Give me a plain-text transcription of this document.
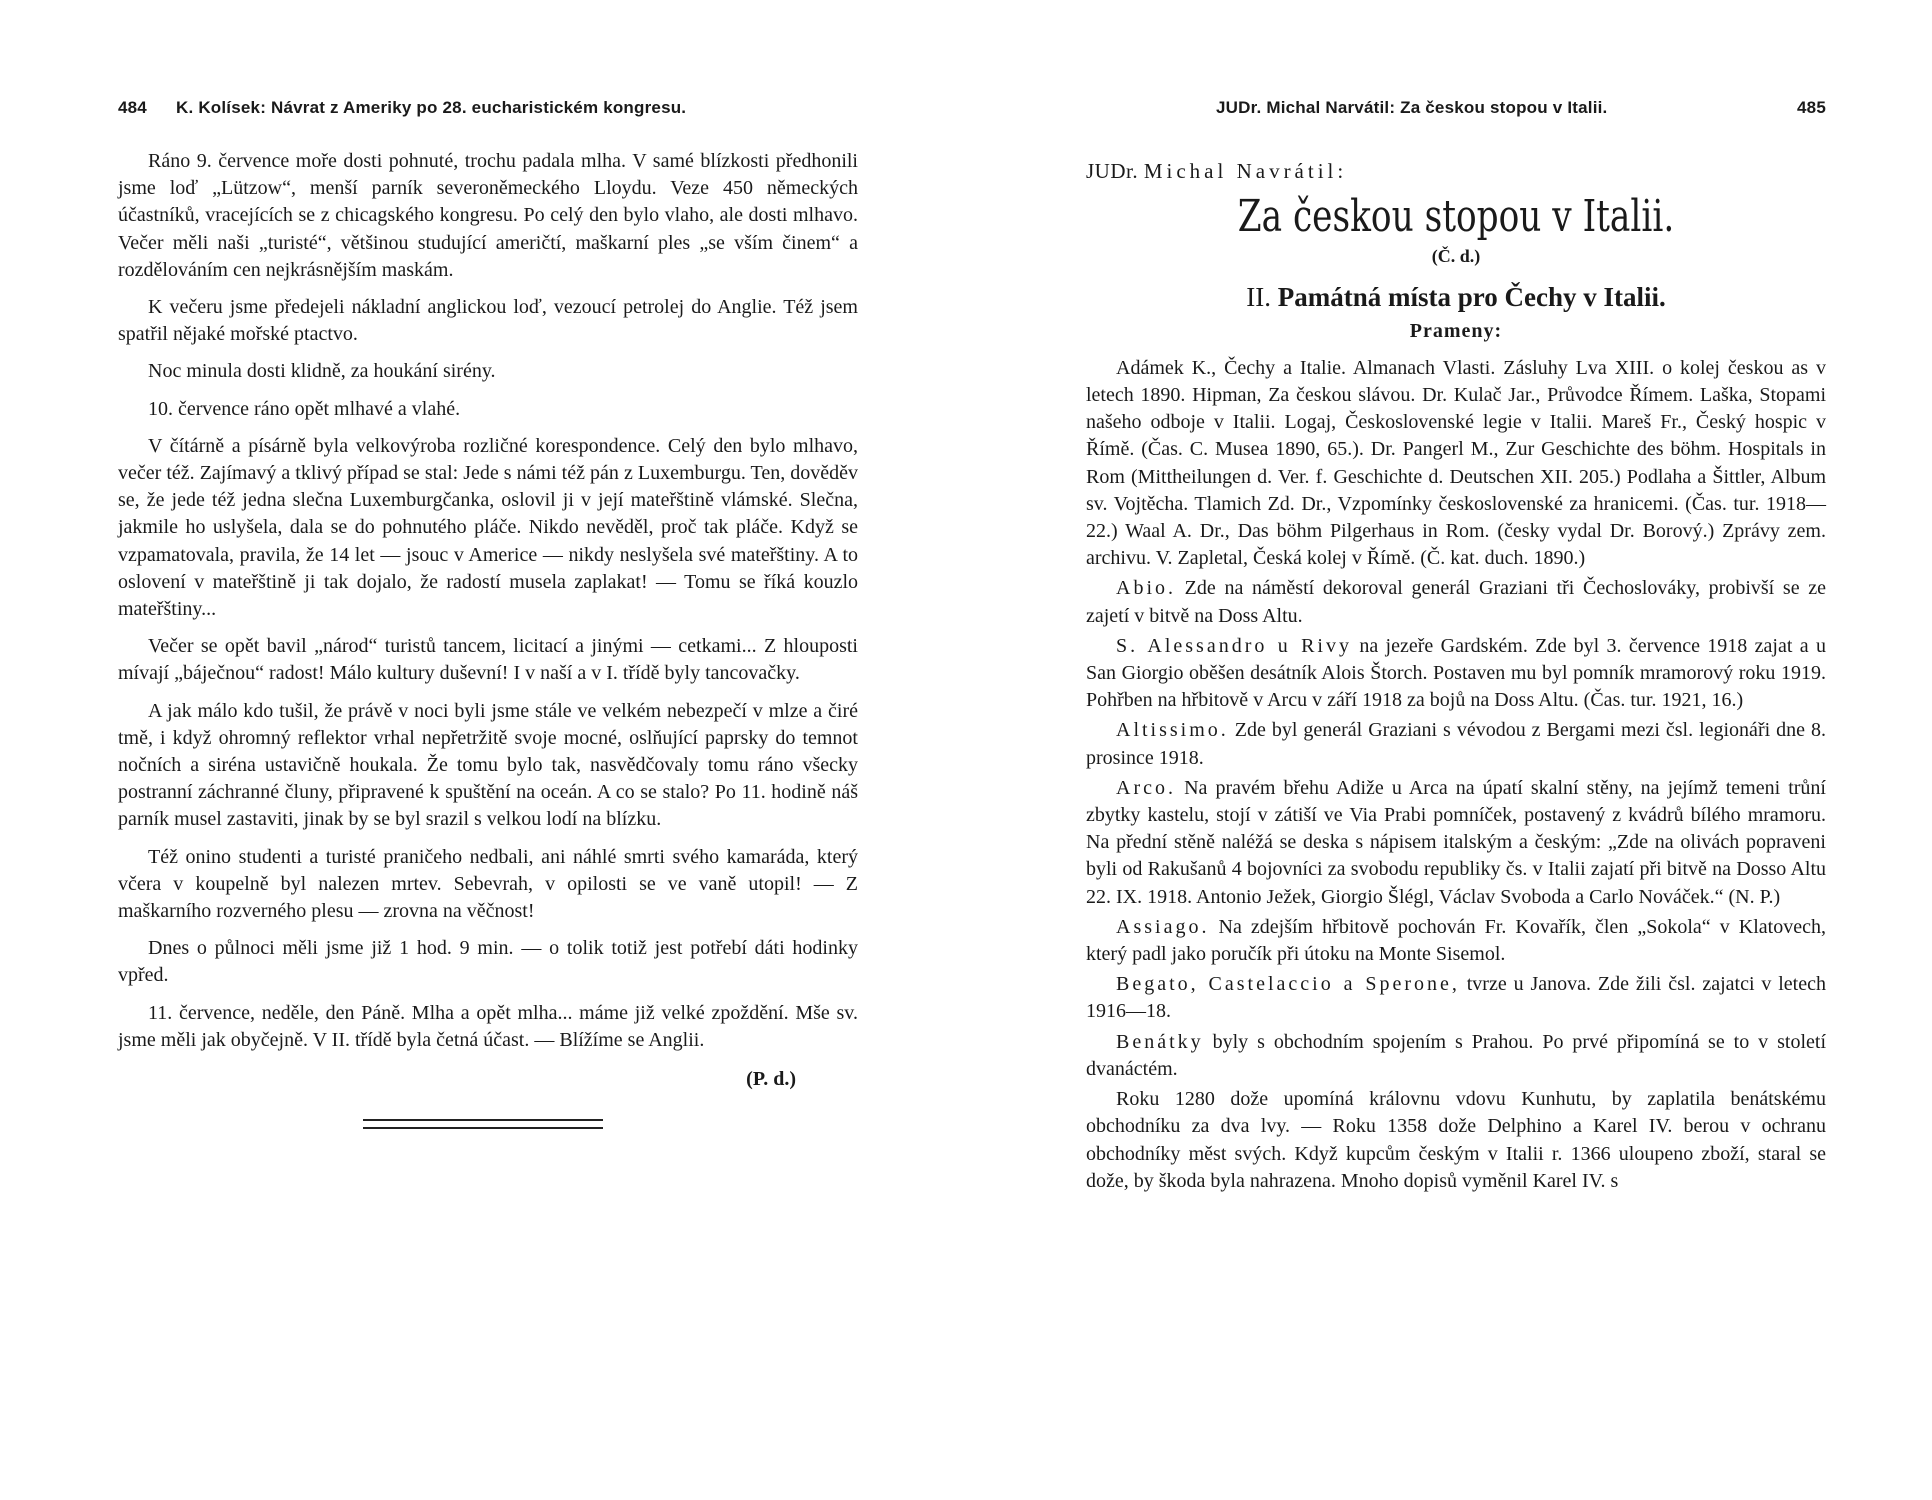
484 K. Kolísek: Návrat z Ameriky po 28. eucharistickém kongresu.

Ráno 9. července moře dosti pohnuté, trochu padala mlha. V samé blízkosti předhonili jsme loď „Lützow“, menší parník severoněmeckého Lloydu. Veze 450 německých účastníků, vracejících se z chicagského kongresu. Po celý den bylo vlaho, ale dosti mlhavo. Večer měli naši „turisté“, většinou studující američtí, maškarní ples „se vším činem“ a rozdělováním cen nejkrásnějším maskám.

K večeru jsme předejeli nákladní anglickou loď, vezoucí petrolej do Anglie. Též jsem spatřil nějaké mořské ptactvo.

Noc minula dosti klidně, za houkání sirény.

10. července ráno opět mlhavé a vlahé.

V čítárně a písárně byla velkovýroba rozličné korespondence. Celý den bylo mlhavo, večer též. Zajímavý a tklivý případ se stal: Jede s námi též pán z Luxemburgu. Ten, dověděv se, že jede též jedna slečna Luxemburgčanka, oslovil ji v její mateřštině vlámské. Slečna, jakmile ho uslyšela, dala se do pohnutého pláče. Nikdo nevěděl, proč tak pláče. Když se vzpamatovala, pravila, že 14 let — jsouc v Americe — nikdy neslyšela své mateřštiny. A to oslovení v mateřštině ji tak dojalo, že radostí musela zaplakat! — Tomu se říká kouzlo mateřštiny...

Večer se opět bavil „národ“ turistů tancem, licitací a jinými — cetkami... Z hlouposti mívají „báječnou“ radost! Málo kultury duševní! I v naší a v I. třídě byly tancovačky.

A jak málo kdo tušil, že právě v noci byli jsme stále ve velkém nebezpečí v mlze a čiré tmě, i když ohromný reflektor vrhal nepřetržitě svoje mocné, oslňující paprsky do temnot nočních a siréna ustavičně houkala. Že tomu bylo tak, nasvědčovaly tomu ráno všecky postranní záchranné čluny, připravené k spuštění na oceán. A co se stalo? Po 11. hodině náš parník musel zastaviti, jinak by se byl srazil s velkou lodí na blízku.

Též onino studenti a turisté praničeho nedbali, ani náhlé smrti svého kamaráda, který včera v koupelně byl nalezen mrtev. Sebevrah, v opilosti se ve vaně utopil! — Z maškarního rozverného plesu — zrovna na věčnost!

Dnes o půlnoci měli jsme již 1 hod. 9 min. — o tolik totiž jest potřebí dáti hodinky vpřed.

11. července, neděle, den Páně. Mlha a opět mlha... máme již velké zpoždění. Mše sv. jsme měli jak obyčejně. V II. třídě byla četná účast. — Blížíme se Anglii.

(P. d.)
JUDr. Michal Narvátil: Za českou stopou v Italii.	485
JUDr. Michal Navrátil:
Za českou stopou v Italii.
(Č. d.)
II. Památná místa pro Čechy v Italii.
Prameny:

Adámek K., Čechy a Italie. Almanach Vlasti. Zásluhy Lva XIII. o kolej českou as v letech 1890. Hipman, Za českou slávou. Dr. Kulač Jar., Průvodce Římem. Laška, Stopami našeho odboje v Italii. Logaj, Československé legie v Italii. Mareš Fr., Český hospic v Římě. (Čas. C. Musea 1890, 65.). Dr. Pangerl M., Zur Geschichte des böhm. Hospitals in Rom (Mittheilungen d. Ver. f. Geschichte d. Deutschen XII. 205.) Podlaha a Šittler, Album sv. Vojtěcha. Tlamich Zd. Dr., Vzpomínky československé za hranicemi. (Čas. tur. 1918—22.) Waal A. Dr., Das böhm Pilgerhaus in Rom. (česky vydal Dr. Borový.) Zprávy zem. archivu. V. Zapletal, Česká kolej v Římě. (Č. kat. duch. 1890.)

Abio. Zde na náměstí dekoroval generál Graziani tři Čechoslováky, probivší se ze zajetí v bitvě na Doss Altu.

S. Alessandro u Rivy na jezeře Gardském. Zde byl 3. července 1918 zajat a u San Giorgio oběšen desátník Alois Štorch. Postaven mu byl pomník mramorový roku 1919. Pohřben na hřbitově v Arcu v září 1918 za bojů na Doss Altu. (Čas. tur. 1921, 16.)

Altissimo. Zde byl generál Graziani s vévodou z Bergami mezi čsl. legionáři dne 8. prosince 1918.

Arco. Na pravém břehu Adiže u Arca na úpatí skalní stěny, na jejímž temeni trůní zbytky kastelu, stojí v zátiší ve Via Prabi pomníček, postavený z kvádrů bílého mramoru. Na přední stěně naléžá se deska s nápisem italským a českým: „Zde na olivách popraveni byli od Rakušanů 4 bojovníci za svobodu republiky čs. v Italii zajatí při bitvě na Dosso Altu 22. IX. 1918. Antonio Ježek, Giorgio Šlégl, Václav Svoboda a Carlo Nováček.“ (N. P.)

Assiago. Na zdejším hřbitově pochován Fr. Kovařík, člen „Sokola“ v Klatovech, který padl jako poručík při útoku na Monte Sisemol.

Begato, Castelaccio a Sperone, tvrze u Janova. Zde žili čsl. zajatci v letech 1916—18.

Benátky byly s obchodním spojením s Prahou. Po prvé připomíná se to v století dvanáctém.

Roku 1280 dože upomíná královnu vdovu Kunhutu, by zaplatila benátskému obchodníku za dva lvy. — Roku 1358 dože Delphino a Karel IV. berou v ochranu obchodníky měst svých. Když kupcům českým v Italii r. 1366 uloupeno zboží, staral se dože, by škoda byla nahrazena. Mnoho dopisů vyměnil Karel IV. s
